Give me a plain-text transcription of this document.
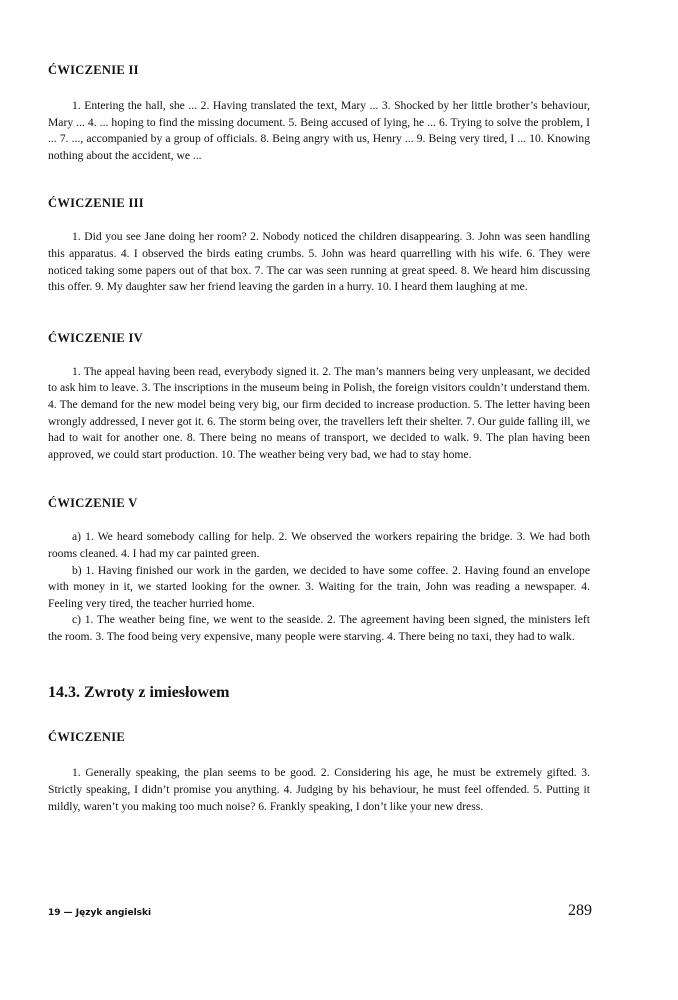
ĆWICZENIE II

1. Entering the hall, she ... 2. Having translated the text, Mary ... 3. Shocked by her little brother’s behaviour, Mary ... 4. ... hoping to find the missing document. 5. Being accused of lying, he ... 6. Trying to solve the problem, I ... 7. ..., accompanied by a group of officials. 8. Being angry with us, Henry ... 9. Being very tired, I ... 10. Knowing nothing about the accident, we ...

ĆWICZENIE III

1. Did you see Jane doing her room? 2. Nobody noticed the children disappearing. 3. John was seen handling this apparatus. 4. I observed the birds eating crumbs. 5. John was heard quarrelling with his wife. 6. They were noticed taking some papers out of that box. 7. The car was seen running at great speed. 8. We heard him discussing this offer. 9. My daughter saw her friend leaving the garden in a hurry. 10. I heard them laughing at me.

ĆWICZENIE IV

1. The appeal having been read, everybody signed it. 2. The man’s manners being very unpleasant, we decided to ask him to leave. 3. The inscriptions in the museum being in Polish, the foreign visitors couldn’t understand them. 4. The demand for the new model being very big, our firm decided to increase production. 5. The letter having been wrongly addressed, I never got it. 6. The storm being over, the travellers left their shelter. 7. Our guide falling ill, we had to wait for another one. 8. There being no means of transport, we decided to walk. 9. The plan having been approved, we could start production. 10. The weather being very bad, we had to stay home.

ĆWICZENIE V

a) 1. We heard somebody calling for help. 2. We observed the workers repairing the bridge. 3. We had both rooms cleaned. 4. I had my car painted green.

b) 1. Having finished our work in the garden, we decided to have some coffee. 2. Having found an envelope with money in it, we started looking for the owner. 3. Waiting for the train, John was reading a newspaper. 4. Feeling very tired, the teacher hurried home.

c) 1. The weather being fine, we went to the seaside. 2. The agreement having been signed, the ministers left the room. 3. The food being very expensive, many people were starving. 4. There being no taxi, they had to walk.

14.3. Zwroty z imiesłowem
ĆWICZENIE

1. Generally speaking, the plan seems to be good. 2. Considering his age, he must be extremely gifted. 3. Strictly speaking, I didn’t promise you anything. 4. Judging by his behaviour, he must feel offended. 5. Putting it mildly, waren’t you making too much noise? 6. Frankly speaking, I don’t like your new dress.

19 — Język angielski	289
